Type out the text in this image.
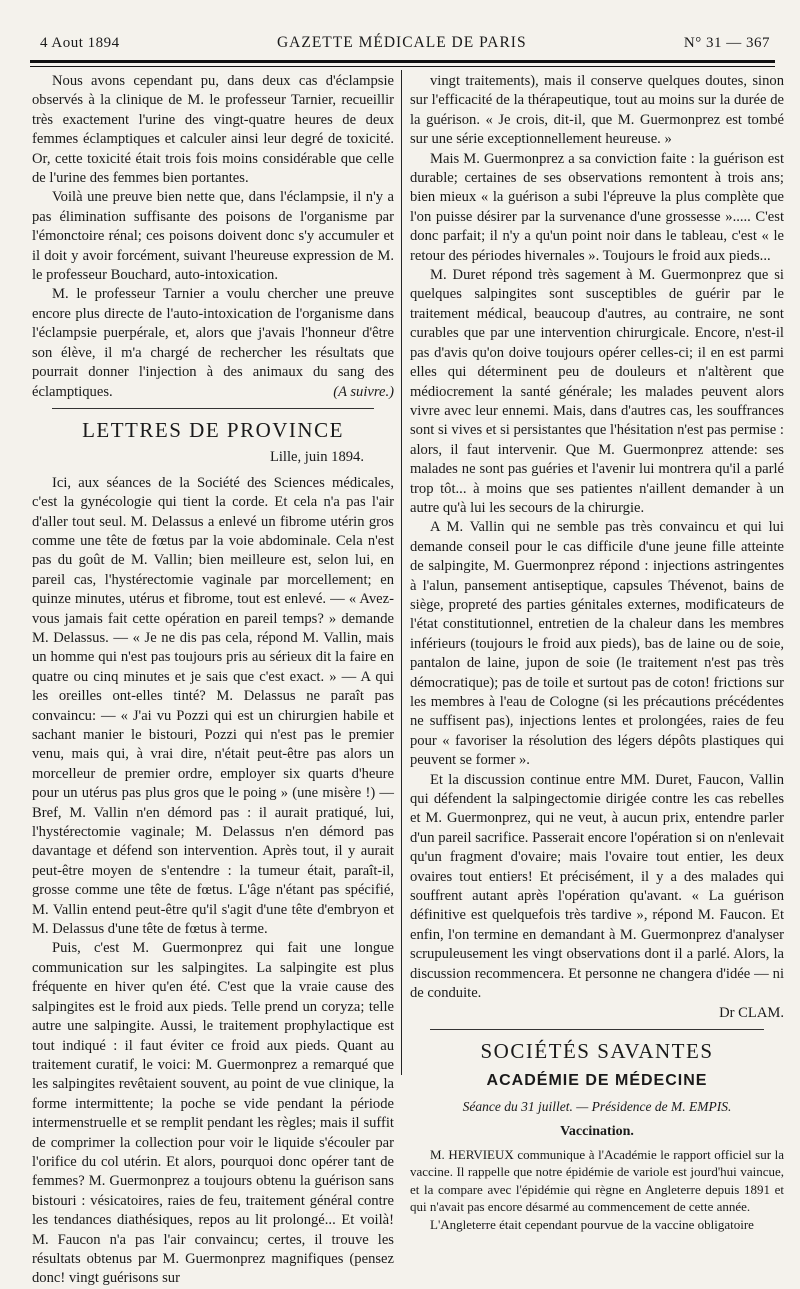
4 Aout 1894	GAZETTE MÉDICALE DE PARIS	N° 31 — 367

Nous avons cependant pu, dans deux cas d'éclampsie observés à la clinique de M. le professeur Tarnier, recueillir très exactement l'urine des vingt-quatre heures de deux femmes éclamptiques et calculer ainsi leur degré de toxicité. Or, cette toxicité était trois fois moins considérable que celle de l'urine des femmes bien portantes.

Voilà une preuve bien nette que, dans l'éclampsie, il n'y a pas élimination suffisante des poisons de l'organisme par l'émonctoire rénal; ces poisons doivent donc s'y accumuler et il doit y avoir forcément, suivant l'heureuse expression de M. le professeur Bouchard, auto-intoxication.

M. le professeur Tarnier a voulu chercher une preuve encore plus directe de l'auto-intoxication de l'organisme dans l'éclampsie puerpérale, et, alors que j'avais l'honneur d'être son élève, il m'a chargé de rechercher les résultats que pourrait donner l'injection à des animaux du sang des éclamptiques.	(A suivre.)

LETTRES DE PROVINCE
Lille, juin 1894.

Ici, aux séances de la Société des Sciences médicales, c'est la gynécologie qui tient la corde. Et cela n'a pas l'air d'aller tout seul. M. Delassus a enlevé un fibrome utérin gros comme une tête de fœtus par la voie abdominale. Cela n'est pas du goût de M. Vallin; bien meilleure est, selon lui, en pareil cas, l'hystérectomie vaginale par morcellement; en quinze minutes, utérus et fibrome, tout est enlevé. — « Avez-vous jamais fait cette opération en pareil temps? » demande M. Delassus. — « Je ne dis pas cela, répond M. Vallin, mais un homme qui n'est pas toujours pris au sérieux dit la faire en quatre ou cinq minutes et je sais que c'est exact. » — A qui les oreilles ont-elles tinté? M. Delassus ne paraît pas convaincu: — « J'ai vu Pozzi qui est un chirurgien habile et sachant manier le bistouri, Pozzi qui n'est pas le premier venu, mais qui, à vrai dire, n'était peut-être pas alors un morcelleur de premier ordre, employer six quarts d'heure pour un utérus pas plus gros que le poing » (une misère !) — Bref, M. Vallin n'en démord pas : il aurait pratiqué, lui, l'hystérectomie vaginale; M. Delassus n'en démord pas davantage et défend son intervention. Après tout, il y aurait peut-être moyen de s'entendre : la tumeur était, paraît-il, grosse comme une tête de fœtus. L'âge n'étant pas spécifié, M. Vallin entend peut-être qu'il s'agit d'une tête d'embryon et M. Delassus d'une tête de fœtus à terme.

Puis, c'est M. Guermonprez qui fait une longue communication sur les salpingites. La salpingite est plus fréquente en hiver qu'en été. C'est que la vraie cause des salpingites est le froid aux pieds. Telle prend un coryza; telle autre une salpingite. Aussi, le traitement prophylactique est tout indiqué : il faut éviter ce froid aux pieds. Quant au traitement curatif, le voici: M. Guermonprez a remarqué que les salpingites revêtaient souvent, au point de vue clinique, la forme intermittente; la poche se vide pendant la période intermenstruelle et se remplit pendant les règles; mais il suffit de comprimer la collection pour voir le liquide s'écouler par l'orifice du col utérin. Et alors, pourquoi donc opérer tant de femmes? M. Guermonprez a toujours obtenu la guérison sans bistouri : vésicatoires, raies de feu, traitement général contre les tendances diathésiques, repos au lit prolongé... Et voilà! M. Faucon n'a pas l'air convaincu; certes, il trouve les résultats obtenus par M. Guermonprez magnifiques (pensez donc! vingt guérisons sur

vingt traitements), mais il conserve quelques doutes, sinon sur l'efficacité de la thérapeutique, tout au moins sur la durée de la guérison. « Je crois, dit-il, que M. Guermonprez est tombé sur une série exceptionnellement heureuse. »

Mais M. Guermonprez a sa conviction faite : la guérison est durable; certaines de ses observations remontent à trois ans; bien mieux « la guérison a subi l'épreuve la plus complète que l'on puisse désirer par la survenance d'une grossesse »..... C'est donc parfait; il n'y a qu'un point noir dans le tableau, c'est « le retour des périodes hivernales ». Toujours le froid aux pieds...

M. Duret répond très sagement à M. Guermonprez que si quelques salpingites sont susceptibles de guérir par le traitement médical, beaucoup d'autres, au contraire, ne sont curables que par une intervention chirurgicale. Encore, n'est-il pas d'avis qu'on doive toujours opérer celles-ci; il en est parmi elles qui déterminent peu de douleurs et n'altèrent que médiocrement la santé générale; les malades peuvent alors vivre avec leur ennemi. Mais, dans d'autres cas, les souffrances sont si vives et si persistantes que l'hésitation n'est pas permise : alors, il faut intervenir. Que M. Guermonprez attende: ses malades ne sont pas guéries et l'avenir lui montrera qu'il a parlé trop tôt... à moins que ses patientes n'aillent demander à un autre qu'à lui les secours de la chirurgie.

A M. Vallin qui ne semble pas très convaincu et qui lui demande conseil pour le cas difficile d'une jeune fille atteinte de salpingite, M. Guermonprez répond : injections astringentes à l'alun, pansement antiseptique, capsules Thévenot, bains de siège, propreté des parties génitales externes, modificateurs de l'état constitutionnel, entretien de la chaleur dans les membres inférieurs (toujours le froid aux pieds), bas de laine ou de soie, pantalon de laine, jupon de soie (le traitement n'est pas très démocratique); pas de toile et surtout pas de coton! frictions sur les membres à l'eau de Cologne (si les précautions précédentes ne suffisent pas), injections lentes et prolongées, raies de feu pour « favoriser la résolution des légers dépôts plastiques qui peuvent se former ».

Et la discussion continue entre MM. Duret, Faucon, Vallin qui défendent la salpingectomie dirigée contre les cas rebelles et M. Guermonprez, qui ne veut, à aucun prix, entendre parler d'un pareil sacrifice. Passerait encore l'opération si on n'enlevait qu'un fragment d'ovaire; mais l'ovaire tout entier, les deux ovaires tout entiers! Et précisément, il y a des malades qui souffrent autant après l'opération qu'avant. « La guérison définitive est quelquefois très tardive », répond M. Faucon. Et enfin, l'on termine en demandant à M. Guermonprez d'analyser scrupuleusement les vingt observations dont il a parlé. Alors, la discussion recommencera. Et personne ne changera d'idée — ni de conduite.

Dr CLAM.
SOCIÉTÉS SAVANTES
ACADÉMIE DE MÉDECINE
Séance du 31 juillet. — Présidence de M. EMPIS.
Vaccination.

M. HERVIEUX communique à l'Académie le rapport officiel sur la vaccine. Il rappelle que notre épidémie de variole est jourd'hui vaincue, et la compare avec l'épidémie qui règne en Angleterre depuis 1891 et qui n'avait pas encore désarmé au commencement de cette année.

L'Angleterre était cependant pourvue de la vaccine obligatoire
